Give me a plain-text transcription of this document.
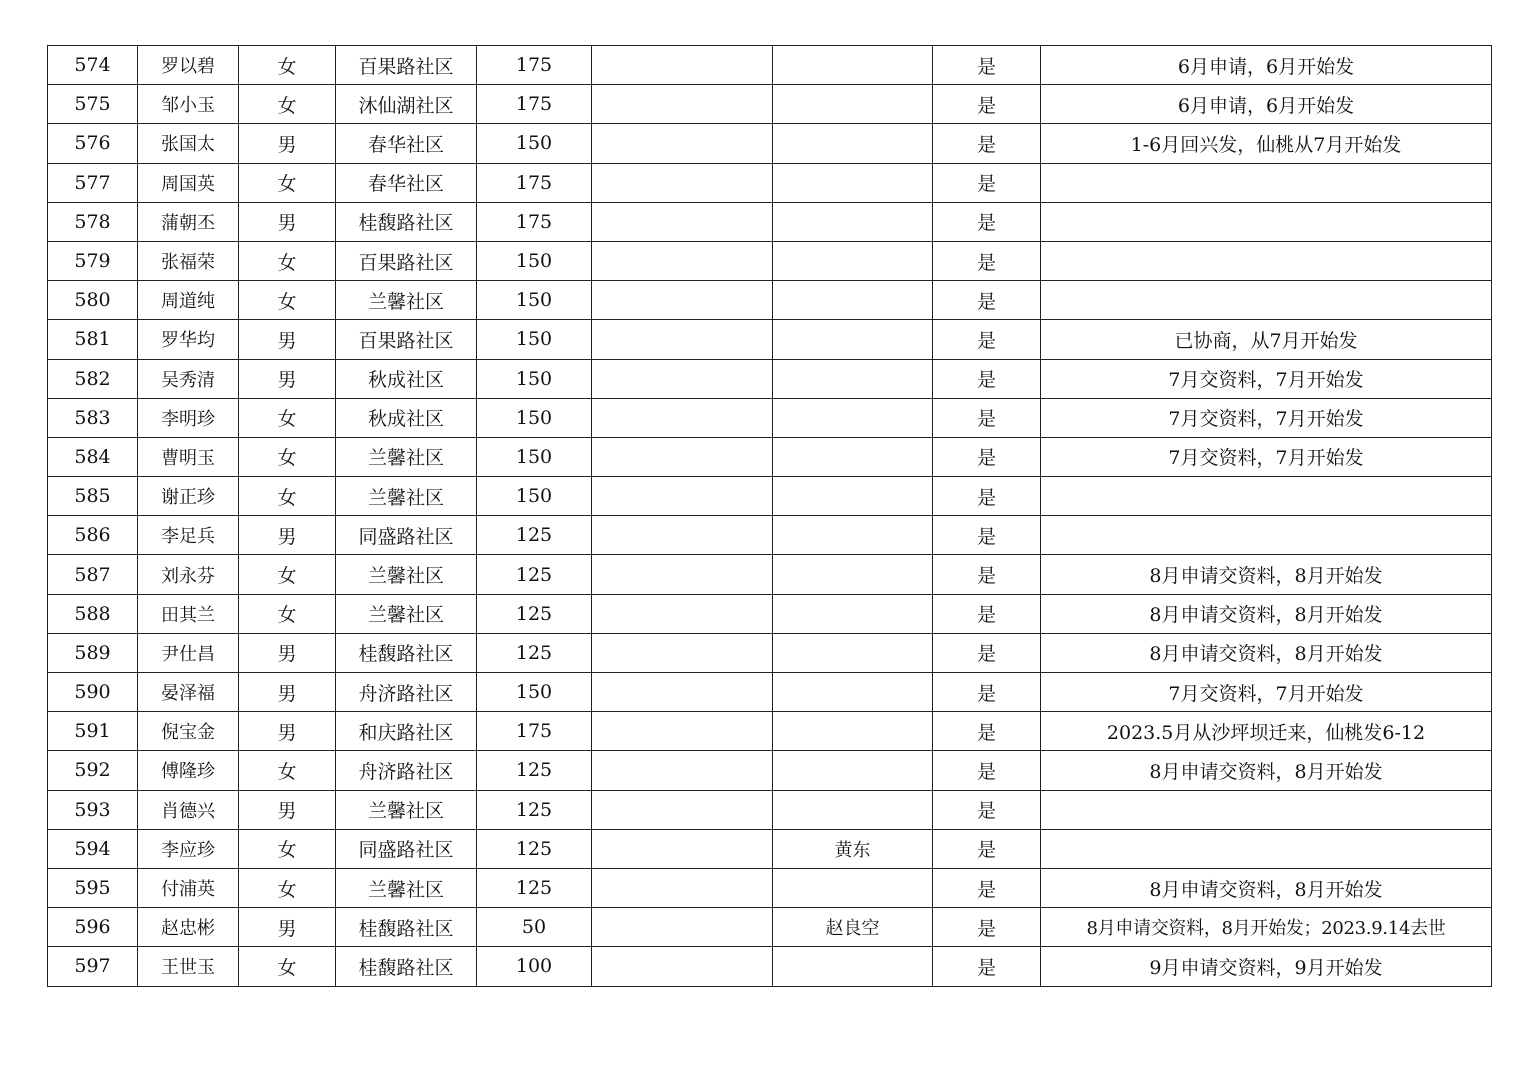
574	罗以碧	女	百果路社区	175			是	6月申请，6月开始发
575	邹小玉	女	沐仙湖社区	175			是	6月申请，6月开始发
576	张国太	男	春华社区	150			是	1-6月回兴发，仙桃从7月开始发
577	周国英	女	春华社区	175			是	
578	蒲朝丕	男	桂馥路社区	175			是	
579	张福荣	女	百果路社区	150			是	
580	周道纯	女	兰馨社区	150			是	
581	罗华均	男	百果路社区	150			是	已协商，从7月开始发
582	吴秀清	男	秋成社区	150			是	7月交资料，7月开始发
583	李明珍	女	秋成社区	150			是	7月交资料，7月开始发
584	曹明玉	女	兰馨社区	150			是	7月交资料，7月开始发
585	谢正珍	女	兰馨社区	150			是	
586	李足兵	男	同盛路社区	125			是	
587	刘永芬	女	兰馨社区	125			是	8月申请交资料，8月开始发
588	田其兰	女	兰馨社区	125			是	8月申请交资料，8月开始发
589	尹仕昌	男	桂馥路社区	125			是	8月申请交资料，8月开始发
590	晏泽福	男	舟济路社区	150			是	7月交资料，7月开始发
591	倪宝金	男	和庆路社区	175			是	2023.5月从沙坪坝迁来，仙桃发6-12
592	傅隆珍	女	舟济路社区	125			是	8月申请交资料，8月开始发
593	肖德兴	男	兰馨社区	125			是	
594	李应珍	女	同盛路社区	125		黄东	是	
595	付浦英	女	兰馨社区	125			是	8月申请交资料，8月开始发
596	赵忠彬	男	桂馥路社区	50		赵良空	是	8月申请交资料，8月开始发；2023.9.14去世
597	王世玉	女	桂馥路社区	100			是	9月申请交资料，9月开始发
